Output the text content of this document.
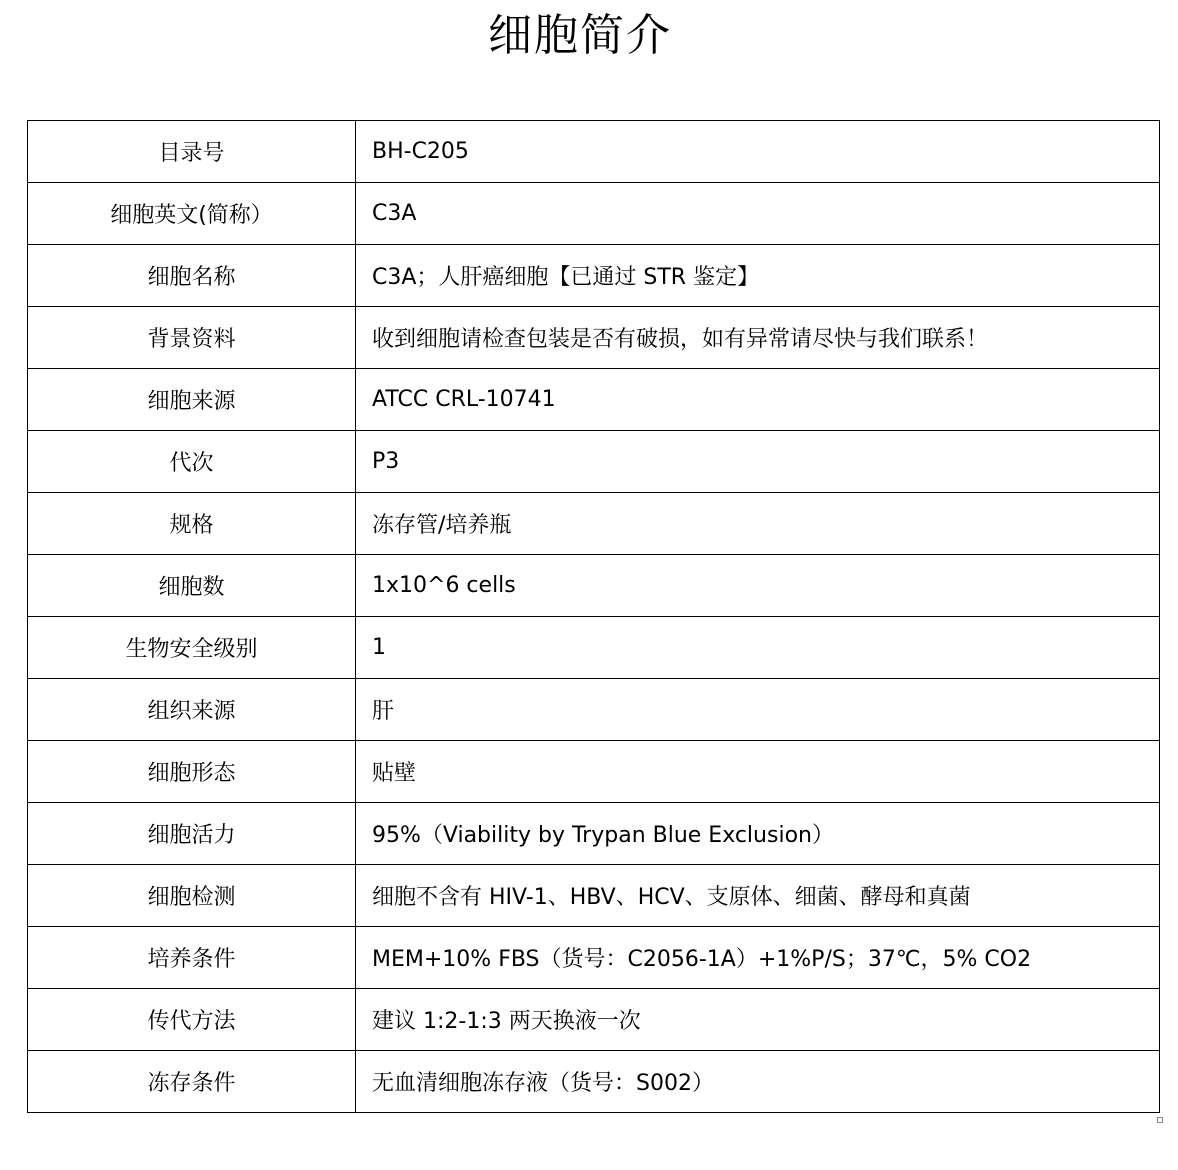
细胞简介
目录号	BH-C205
细胞英文(简称）	C3A
细胞名称	C3A；人肝癌细胞【已通过 STR 鉴定】
背景资料	收到细胞请检查包装是否有破损，如有异常请尽快与我们联系！
细胞来源	ATCC CRL-10741
代次	P3
规格	冻存管/培养瓶
细胞数	1x10^6 cells
生物安全级别	1
组织来源	肝
细胞形态	贴壁
细胞活力	95%（Viability by Trypan Blue Exclusion）
细胞检测	细胞不含有 HIV-1、HBV、HCV、支原体、细菌、酵母和真菌
培养条件	MEM+10% FBS（货号：C2056-1A）+1%P/S；37℃，5% CO2
传代方法	建议 1:2-1:3 两天换液一次
冻存条件	无血清细胞冻存液（货号：S002）
